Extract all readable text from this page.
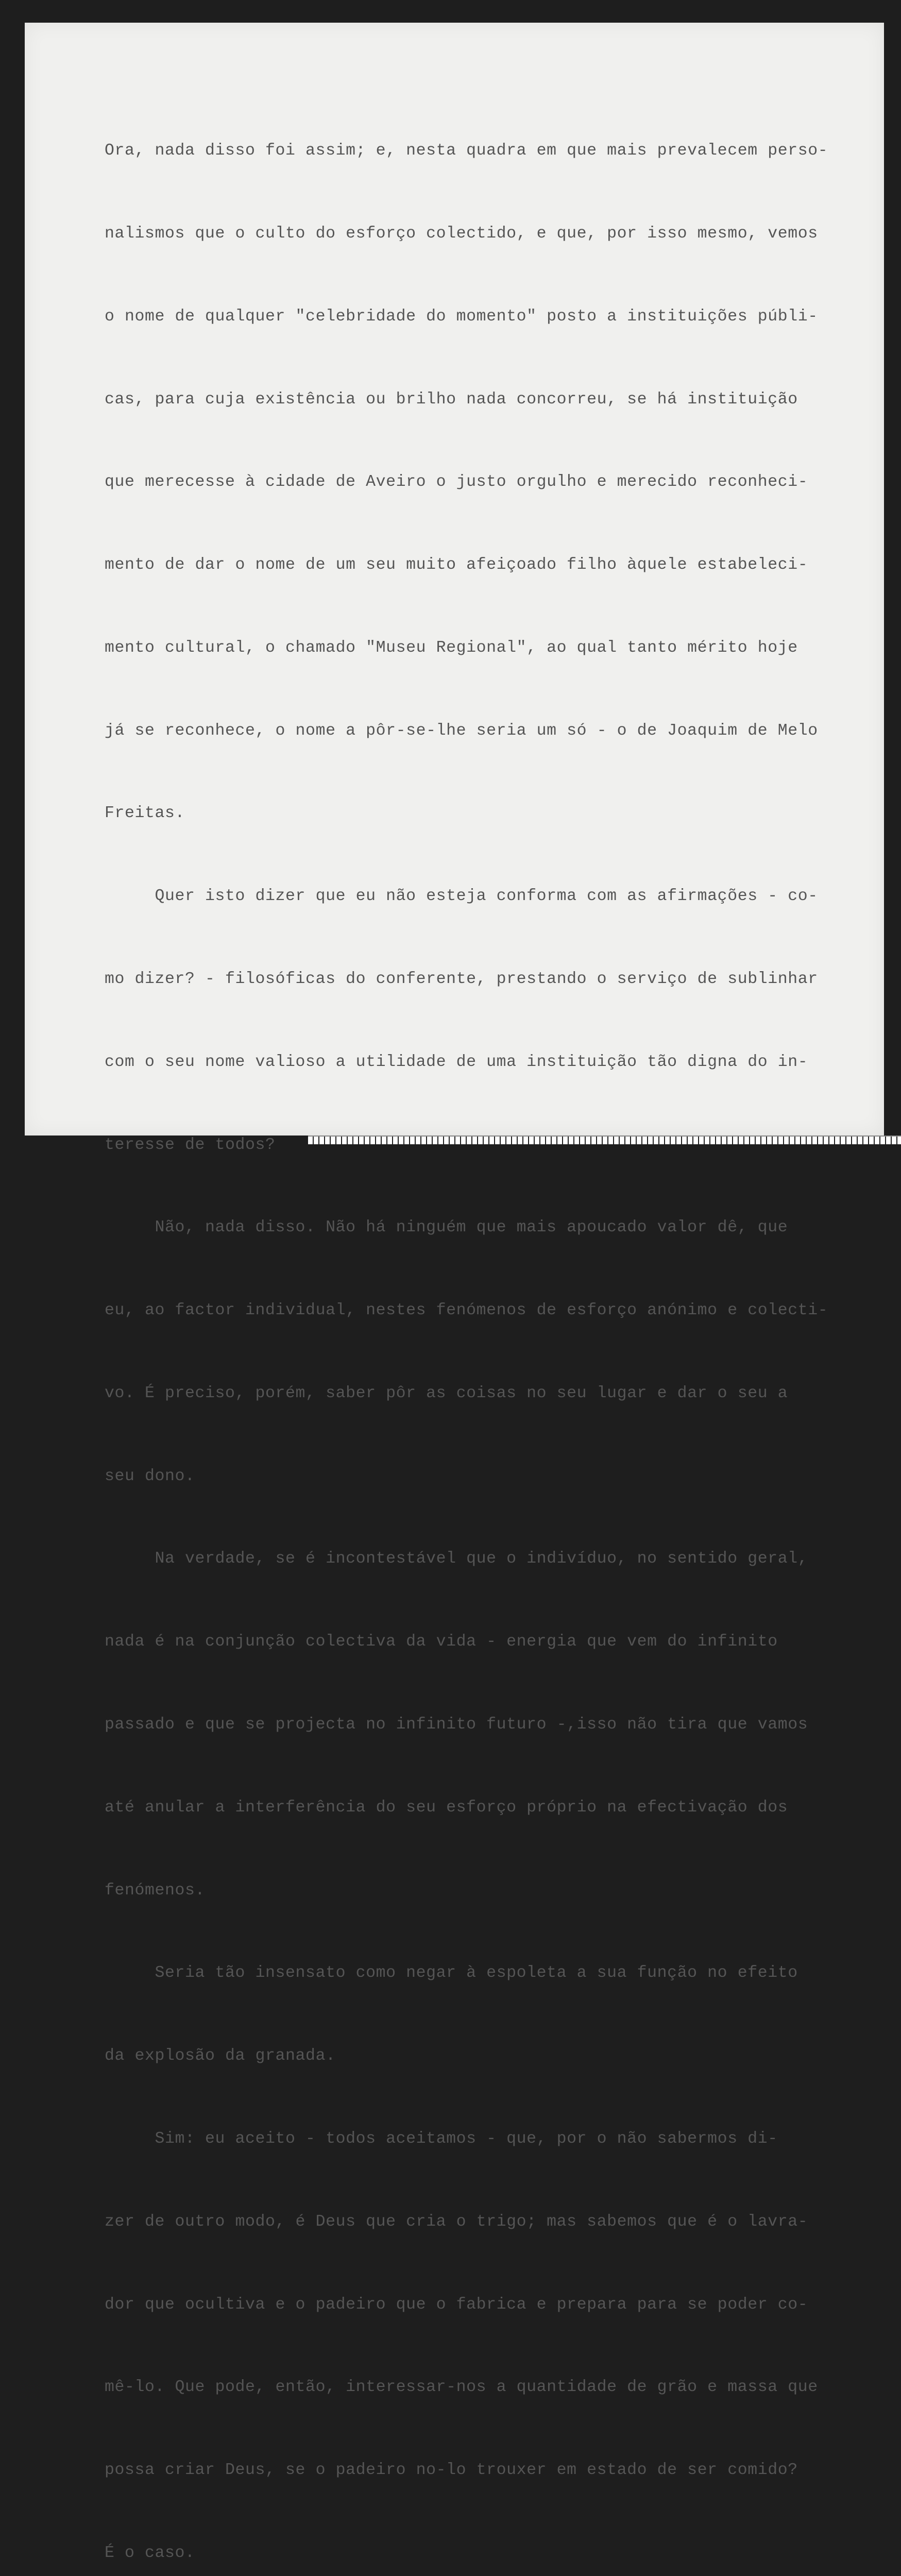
Ora, nada disso foi assim; e, nesta quadra em que mais prevalecem perso-

nalismos que o culto do esforço colectido, e que, por isso mesmo, vemos

o nome de qualquer "celebridade do momento" posto a instituições públi-

cas, para cuja existência ou brilho nada concorreu, se há instituição

que merecesse à cidade de Aveiro o justo orgulho e merecido reconheci-

mento de dar o nome de um seu muito afeiçoado filho àquele estabeleci-

mento cultural, o chamado "Museu Regional", ao qual tanto mérito hoje

já se reconhece, o nome a pôr-se-lhe seria um só - o de Joaquim de Melo

Freitas.

Quer isto dizer que eu não esteja conforma com as afirmações - co-

mo dizer? - filosóficas do conferente, prestando o serviço de sublinhar

com o seu nome valioso a utilidade de uma instituição tão digna do in-

teresse de todos?

Não, nada disso. Não há ninguém que mais apoucado valor dê, que

eu, ao factor individual, nestes fenómenos de esforço anónimo e colecti-

vo. É preciso, porém, saber pôr as coisas no seu lugar e dar o seu a

seu dono.

Na verdade, se é incontestável que o indivíduo, no sentido geral,

nada é na conjunção colectiva da vida - energia que vem do infinito

passado e que se projecta no infinito futuro -,isso não tira que vamos

até anular a interferência do seu esforço próprio na efectivação dos

fenómenos.

Seria tão insensato como negar à espoleta a sua função no efeito

da explosão da granada.

Sim: eu aceito - todos aceitamos - que, por o não sabermos di-

zer de outro modo, é Deus que cria o trigo; mas sabemos que é o lavra-

dor que ocultiva e o padeiro que o fabrica e prepara para se poder co-

mê-lo. Que pode, então, interessar-nos a quantidade de grão e massa que

possa criar Deus, se o padeiro no-lo trouxer em estado de ser comido?

É o caso.
